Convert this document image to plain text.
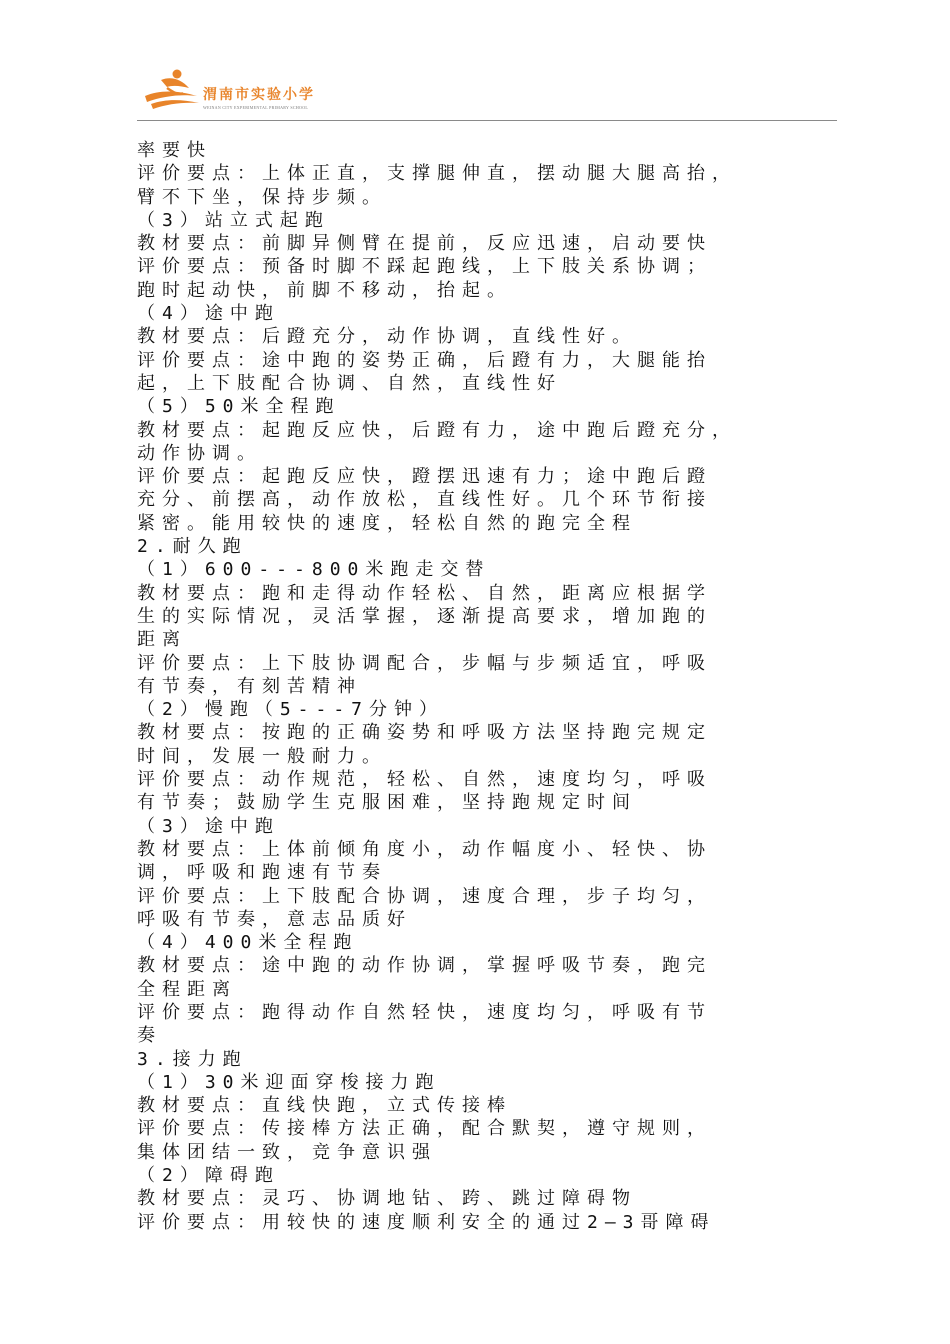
渭南市实验小学
WEINAN CITY EXPERIMENTAL PRIMARY SCHOOL
率要快
评价要点：上体正直，支撑腿伸直，摆动腿大腿高抬，
臂不下坐，保持步频。
（3）站立式起跑
教材要点：前脚异侧臂在提前，反应迅速，启动要快
评价要点：预备时脚不踩起跑线，上下肢关系协调；
跑时起动快，前脚不移动，抬起。
（4）途中跑
教材要点：后蹬充分，动作协调，直线性好。
评价要点：途中跑的姿势正确，后蹬有力，大腿能抬
起，上下肢配合协调、自然，直线性好
（5）50米全程跑
教材要点：起跑反应快，后蹬有力，途中跑后蹬充分，
动作协调。
评价要点：起跑反应快，蹬摆迅速有力；途中跑后蹬
充分、前摆高，动作放松，直线性好。几个环节衔接
紧密。能用较快的速度，轻松自然的跑完全程
2.耐久跑
（1）600---800米跑走交替
教材要点：跑和走得动作轻松、自然，距离应根据学
生的实际情况，灵活掌握，逐渐提高要求，增加跑的
距离
评价要点：上下肢协调配合，步幅与步频适宜，呼吸
有节奏，有刻苦精神
（2）慢跑（5---7分钟）
教材要点：按跑的正确姿势和呼吸方法坚持跑完规定
时间，发展一般耐力。
评价要点：动作规范，轻松、自然，速度均匀，呼吸
有节奏；鼓励学生克服困难，坚持跑规定时间
（3）途中跑
教材要点：上体前倾角度小，动作幅度小、轻快、协
调，呼吸和跑速有节奏
评价要点：上下肢配合协调，速度合理，步子均匀，
呼吸有节奏，意志品质好
（4）400米全程跑
教材要点：途中跑的动作协调，掌握呼吸节奏，跑完
全程距离
评价要点：跑得动作自然轻快，速度均匀，呼吸有节
奏
3.接力跑
（1）30米迎面穿梭接力跑
教材要点：直线快跑，立式传接棒
评价要点：传接棒方法正确，配合默契，遵守规则，
集体团结一致，竞争意识强
（2）障碍跑
教材要点：灵巧、协调地钻、跨、跳过障碍物
评价要点：用较快的速度顺利安全的通过2—3哥障碍
